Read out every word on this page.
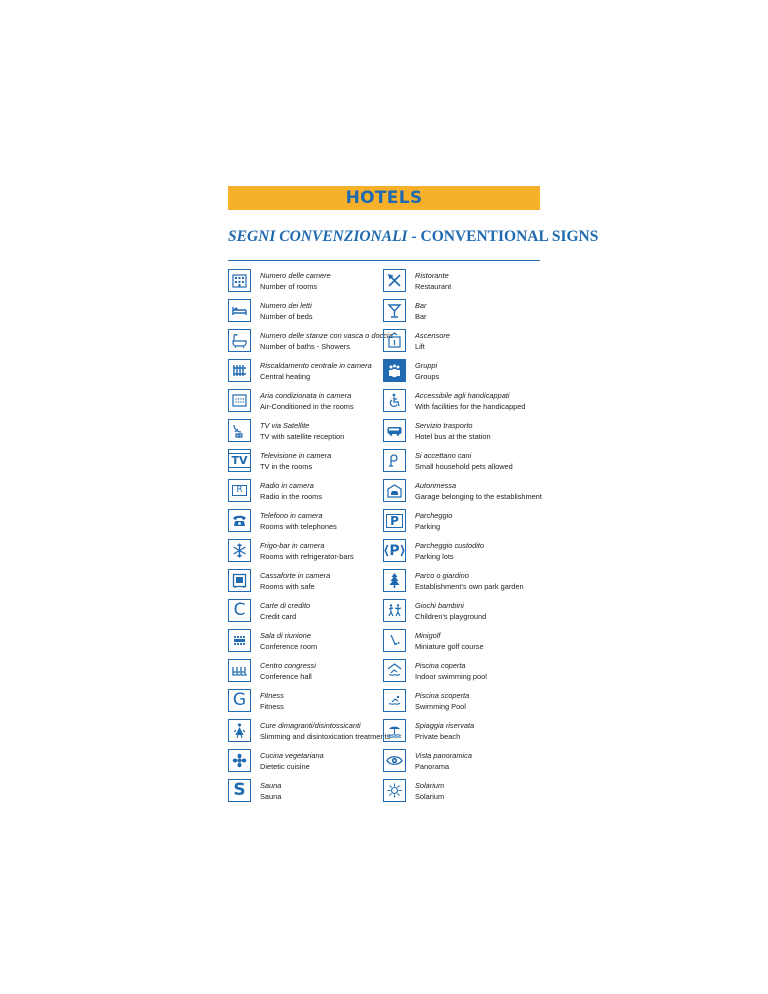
HOTELS
SEGNI CONVENZIONALI - CONVENTIONAL SIGNS
Numero delle camere
Number of rooms
Numero dei letti
Number of beds
Numero delle stanze con vasca o doccia
Number of baths - Showers
Riscaldamento centrale in camera
Central heating
Aria condizionata in camera
Air-Conditioned in the rooms
TV via Satellite
TV with satellite reception
TV	Televisione in camera
TV in the rooms
R	Radio in camera
Radio in the rooms
Telefono in camera
Rooms with telephones
Frigo-bar in camera
Rooms with refrigerator-bars
Cassaforte in camera
Rooms with safe
C Carte di credito
Credit card
Sala di riunione
Conference room
Centro congressi
Conference hall
G Fitness
Fitness
Cure dimagranti/disintossicanti
Slimming and disintoxication treatments
Cucina vegetariana
Dietetic cuisine
S Sauna
Sauna
Ristorante
Restaurant
Bar
Bar
Ascensore
Lift
Gruppi
Groups
Accessibile agli handicappati
With facilities for the handicapped
Servizio trasporto
Hotel bus at the station
Si accettano cani
Small household pets allowed
Autorimessa
Garage belonging to the establishment
P	Parcheggio
Parking
P Parcheggio custodito
Parking lots
Parco o giardino
Establishment's own park garden
Giochi bambini
Children's playground
Minigolf
Miniature golf course
Piscina coperta
Indoor swimming pool
Piscina scoperta
Swimming Pool
Spiaggia riservata
Private beach
Vista panoramica
Panorama
Solarium
Solarium
